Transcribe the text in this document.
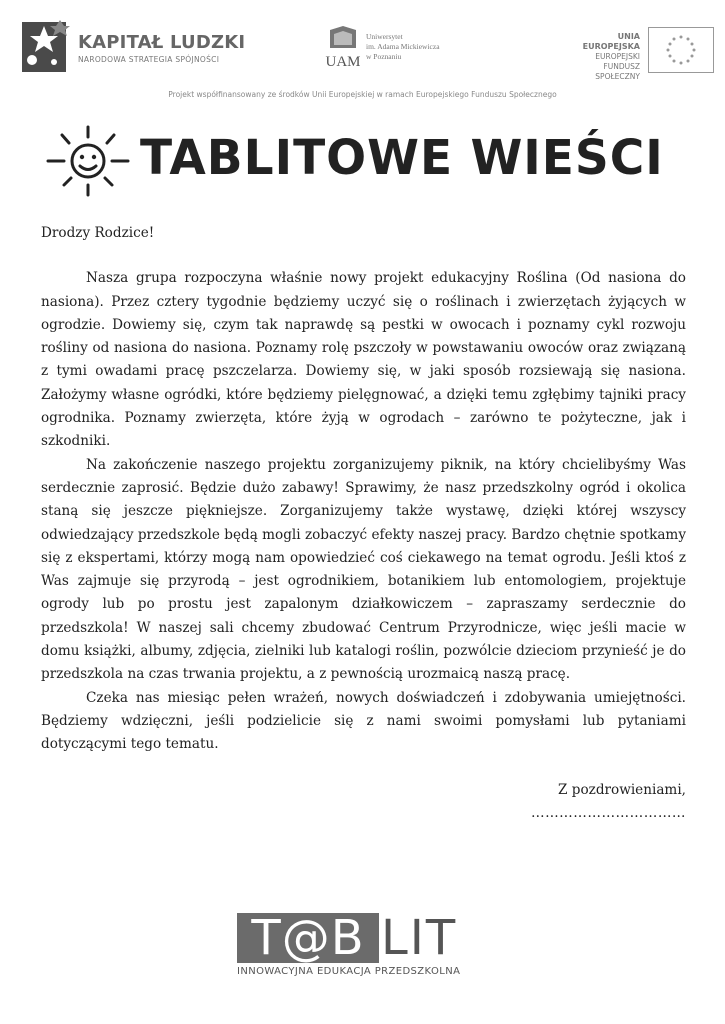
KAPITAŁ LUDZKI
NARODOWA STRATEGIA SPÓJNOŚCI	UAM
Uniwersytet
im. Adama Mickiewicza
w Poznaniu
UNIA EUROPEJSKA
EUROPEJSKI
FUNDUSZ SPOŁECZNY
Projekt współfinansowany ze środków Unii Europejskiej w ramach Europejskiego Funduszu Społecznego
TABLITOWE WIEŚCI

Drodzy Rodzice!

Nasza grupa rozpoczyna właśnie nowy projekt edukacyjny Roślina (Od nasiona do nasiona). Przez cztery tygodnie będziemy uczyć się o roślinach i zwierzętach żyjących w ogrodzie. Dowiemy się, czym tak naprawdę są pestki w owocach i poznamy cykl rozwoju rośliny od nasiona do nasiona. Poznamy rolę pszczoły w powstawaniu owoców oraz związaną z tymi owadami pracę pszczelarza. Dowiemy się, w jaki sposób rozsiewają się nasiona. Założymy własne ogródki, które będziemy pielęgnować, a dzięki temu zgłębimy tajniki pracy ogrodnika. Poznamy zwierzęta, które żyją w ogrodach – zarówno te pożyteczne, jak i szkodniki.

Na zakończenie naszego projektu zorganizujemy piknik, na który chcielibyśmy Was serdecznie zaprosić. Będzie dużo zabawy! Sprawimy, że nasz przedszkolny ogród i okolica staną się jeszcze piękniejsze. Zorganizujemy także wystawę, dzięki której wszyscy odwiedzający przedszkole będą mogli zobaczyć efekty naszej pracy. Bardzo chętnie spotkamy się z ekspertami, którzy mogą nam opowiedzieć coś ciekawego na temat ogrodu. Jeśli ktoś z Was zajmuje się przyrodą – jest ogrodnikiem, botanikiem lub entomologiem, projektuje ogrody lub po prostu jest zapalonym działkowiczem – zapraszamy serdecznie do przedszkola! W naszej sali chcemy zbudować Centrum Przyrodnicze, więc jeśli macie w domu książki, albumy, zdjęcia, zielniki lub katalogi roślin, pozwólcie dzieciom przynieść je do przedszkola na czas trwania projektu, a z pewnością urozmaicą naszą pracę.

Czeka nas miesiąc pełen wrażeń, nowych doświadczeń i zdobywania umiejętności. Będziemy wdzięczni, jeśli podzielicie się z nami swoimi pomysłami lub pytaniami dotyczącymi tego tematu.

Z pozdrowieniami,
……………………………
T@B LIT
INNOWACYJNA EDUKACJA PRZEDSZKOLNA
